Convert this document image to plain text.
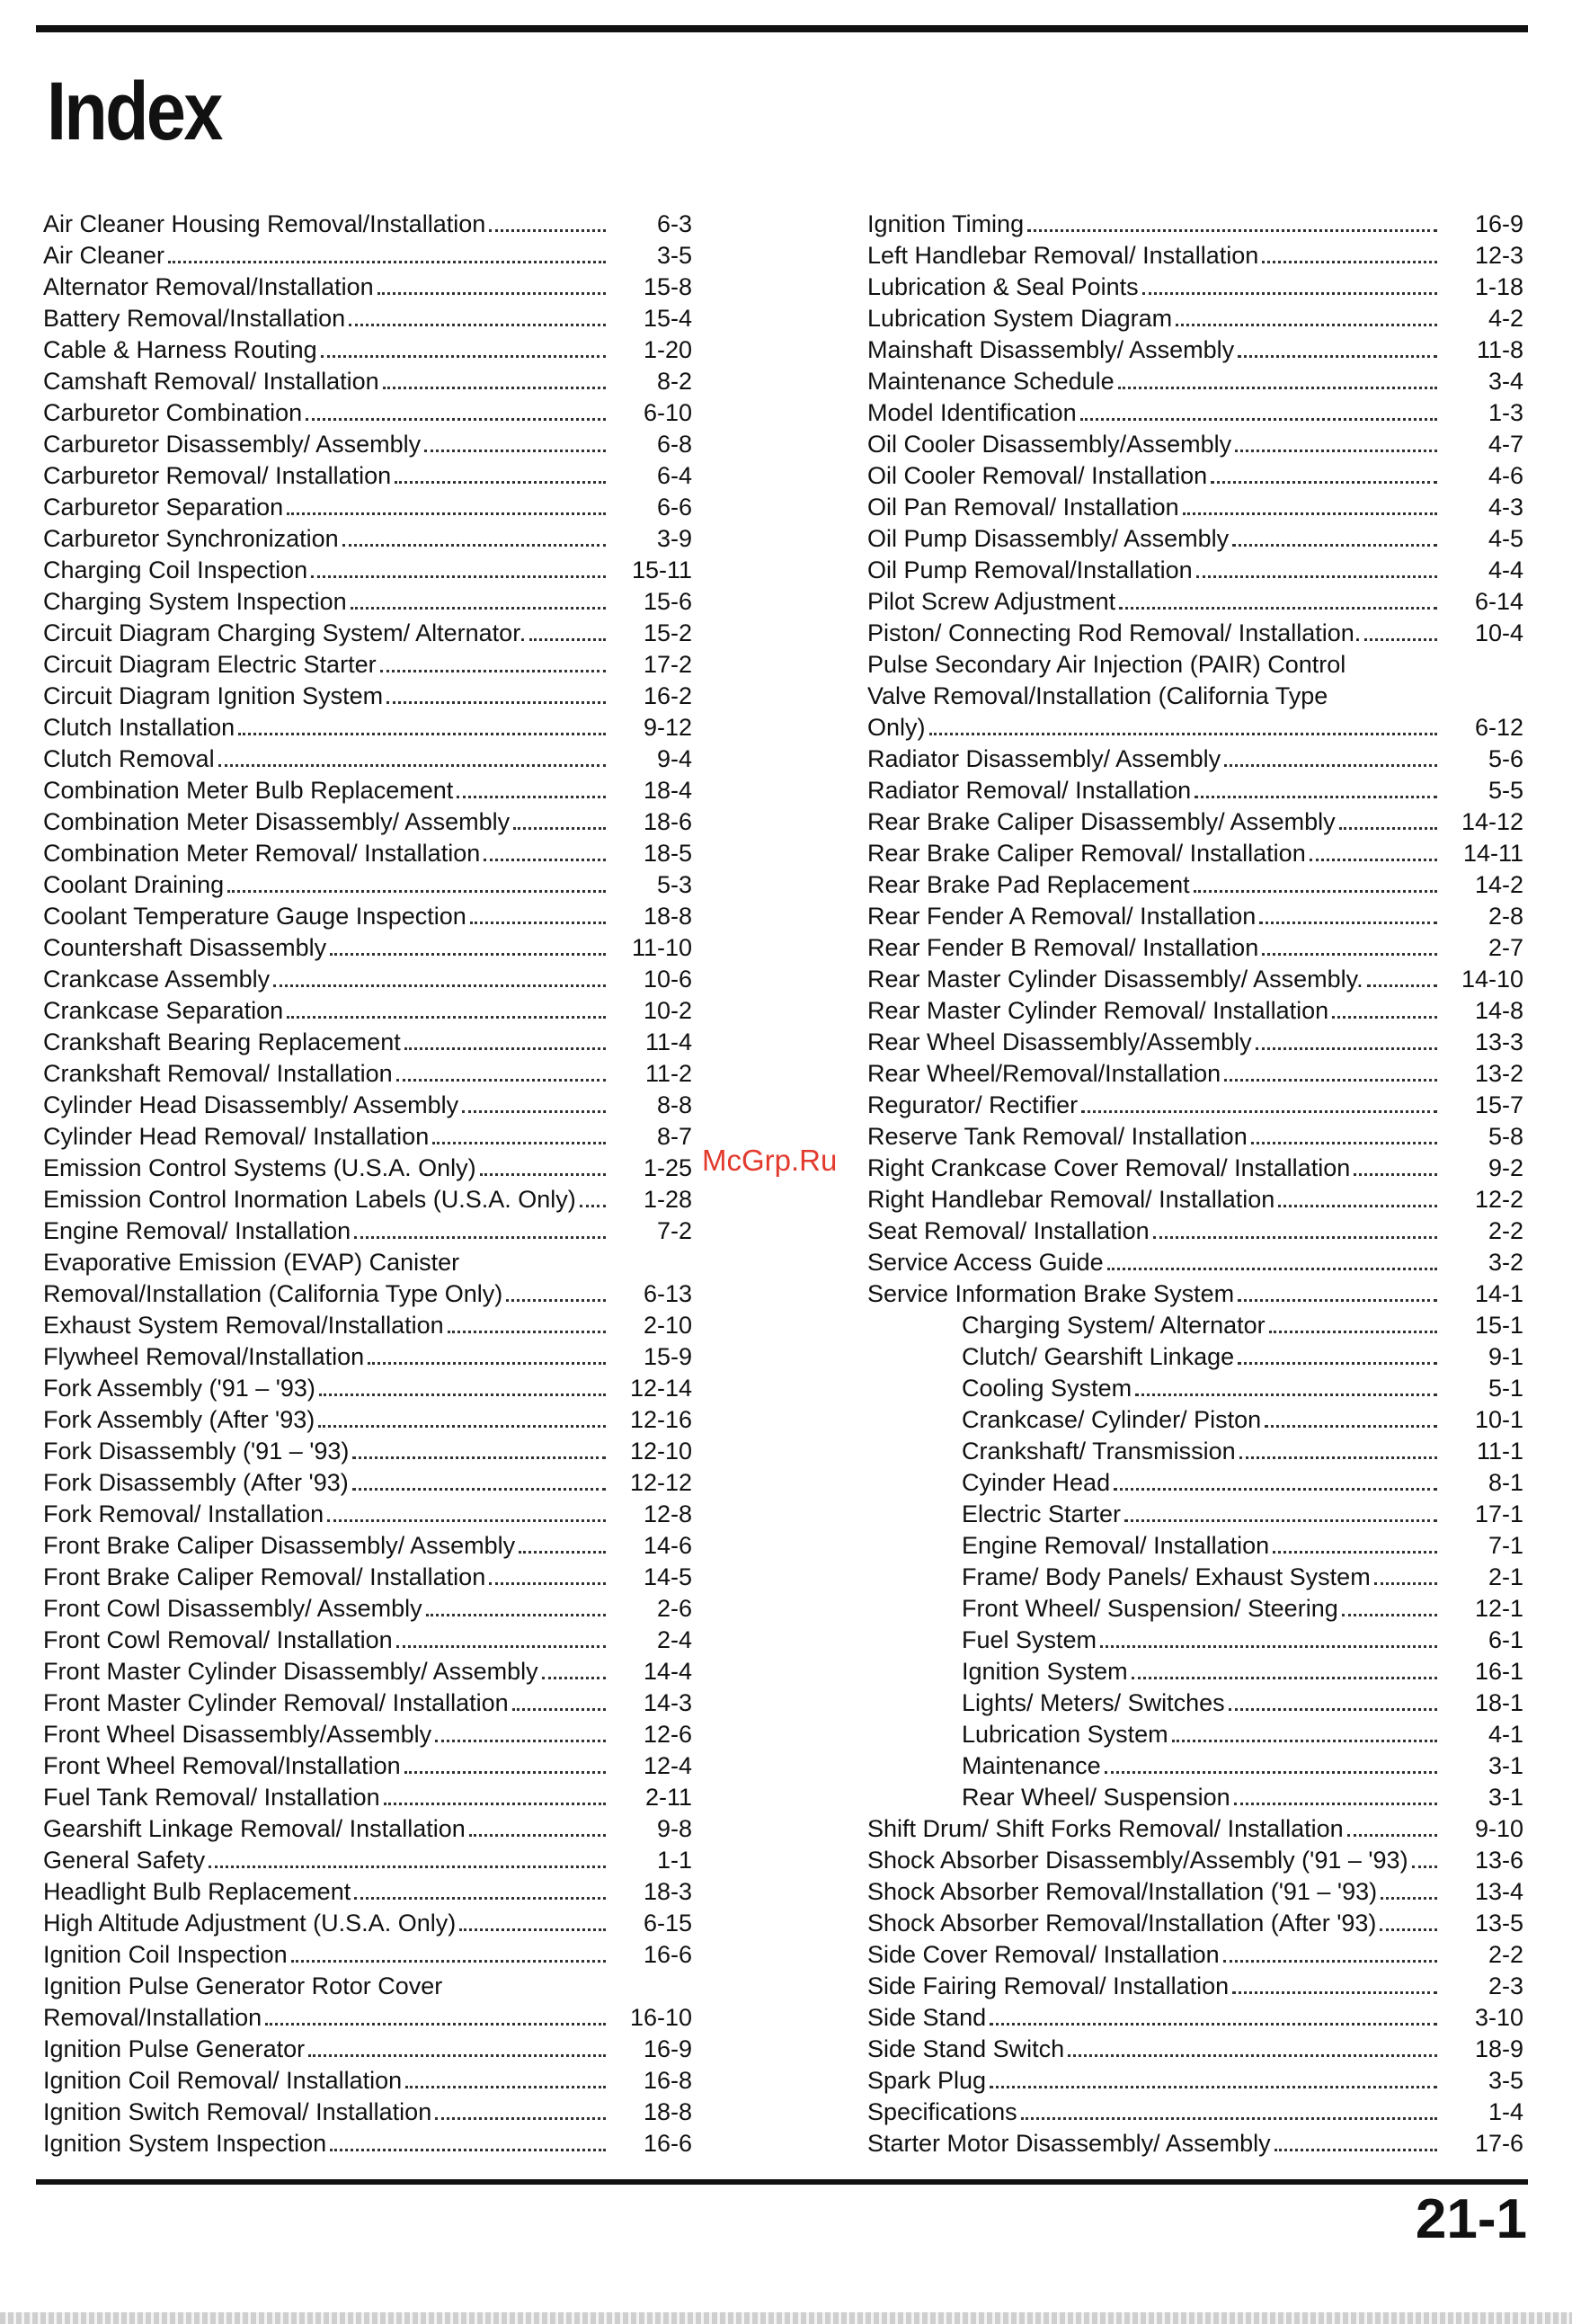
Index
Air Cleaner Housing Removal/Installation	6-3
Air Cleaner	3-5
Alternator Removal/Installation	15-8
Battery Removal/Installation	15-4
Cable & Harness Routing	1-20
Camshaft Removal/ Installation	8-2
Carburetor Combination	6-10
Carburetor Disassembly/ Assembly	6-8
Carburetor Removal/ Installation	6-4
Carburetor Separation	6-6
Carburetor Synchronization	3-9
Charging Coil Inspection	15-11
Charging System Inspection	15-6
Circuit Diagram Charging System/ Alternator.	15-2
Circuit Diagram Electric Starter	17-2
Circuit Diagram Ignition System	16-2
Clutch Installation	9-12
Clutch Removal	9-4
Combination Meter Bulb Replacement	18-4
Combination Meter Disassembly/ Assembly	18-6
Combination Meter Removal/ Installation	18-5
Coolant Draining	5-3
Coolant Temperature Gauge Inspection	18-8
Countershaft Disassembly	11-10
Crankcase Assembly	10-6
Crankcase Separation	10-2
Crankshaft Bearing Replacement	11-4
Crankshaft Removal/ Installation	11-2
Cylinder Head Disassembly/ Assembly	8-8
Cylinder Head Removal/ Installation	8-7
Emission Control Systems (U.S.A. Only)	1-25
Emission Control Inormation Labels (U.S.A. Only)	1-28
Engine Removal/ Installation	7-2
Evaporative Emission (EVAP) Canister
Removal/Installation (California Type Only)	6-13
Exhaust System Removal/Installation	2-10
Flywheel Removal/Installation	15-9
Fork Assembly ('91 – '93)	12-14
Fork Assembly (After '93)	12-16
Fork Disassembly ('91 – '93)	12-10
Fork Disassembly (After '93)	12-12
Fork Removal/ Installation	12-8
Front Brake Caliper Disassembly/ Assembly	14-6
Front Brake Caliper Removal/ Installation	14-5
Front Cowl Disassembly/ Assembly	2-6
Front Cowl Removal/ Installation	2-4
Front Master Cylinder Disassembly/ Assembly	14-4
Front Master Cylinder Removal/ Installation	14-3
Front Wheel Disassembly/Assembly	12-6
Front Wheel Removal/Installation	12-4
Fuel Tank Removal/ Installation	2-11
Gearshift Linkage Removal/ Installation	9-8
General Safety	1-1
Headlight Bulb Replacement	18-3
High Altitude Adjustment (U.S.A. Only)	6-15
Ignition Coil Inspection	16-6
Ignition Pulse Generator Rotor Cover
Removal/Installation	16-10
Ignition Pulse Generator	16-9
Ignition Coil Removal/ Installation	16-8
Ignition Switch Removal/ Installation	18-8
Ignition System Inspection	16-6
Ignition Timing	16-9
Left Handlebar Removal/ Installation	12-3
Lubrication & Seal Points	1-18
Lubrication System Diagram	4-2
Mainshaft Disassembly/ Assembly	11-8
Maintenance Schedule	3-4
Model Identification	1-3
Oil Cooler Disassembly/Assembly	4-7
Oil Cooler Removal/ Installation	4-6
Oil Pan Removal/ Installation	4-3
Oil Pump Disassembly/ Assembly	4-5
Oil Pump Removal/Installation	4-4
Pilot Screw Adjustment	6-14
Piston/ Connecting Rod Removal/ Installation.	10-4
Pulse Secondary Air Injection (PAIR) Control
Valve Removal/Installation (California Type
Only)	6-12
Radiator Disassembly/ Assembly	5-6
Radiator Removal/ Installation	5-5
Rear Brake Caliper Disassembly/ Assembly	14-12
Rear Brake Caliper Removal/ Installation	14-11
Rear Brake Pad Replacement	14-2
Rear Fender A Removal/ Installation	2-8
Rear Fender B Removal/ Installation	2-7
Rear Master Cylinder Disassembly/ Assembly.	14-10
Rear Master Cylinder Removal/ Installation	14-8
Rear Wheel Disassembly/Assembly	13-3
Rear Wheel/Removal/Installation	13-2
Regurator/ Rectifier	15-7
Reserve Tank Removal/ Installation	5-8
Right Crankcase Cover Removal/ Installation	9-2
Right Handlebar Removal/ Installation	12-2
Seat Removal/ Installation	2-2
Service Access Guide	3-2
Service Information Brake System	14-1
Charging System/ Alternator	15-1
Clutch/ Gearshift Linkage	9-1
Cooling System	5-1
Crankcase/ Cylinder/ Piston	10-1
Crankshaft/ Transmission	11-1
Cyinder Head	8-1
Electric Starter	17-1
Engine Removal/ Installation	7-1
Frame/ Body Panels/ Exhaust System	2-1
Front Wheel/ Suspension/ Steering	12-1
Fuel System	6-1
Ignition System	16-1
Lights/ Meters/ Switches	18-1
Lubrication System	4-1
Maintenance	3-1
Rear Wheel/ Suspension	3-1
Shift Drum/ Shift Forks Removal/ Installation	9-10
Shock Absorber Disassembly/Assembly ('91 – '93)	13-6
Shock Absorber Removal/Installation ('91 – '93)	13-4
Shock Absorber Removal/Installation (After '93)	13-5
Side Cover Removal/ Installation	2-2
Side Fairing Removal/ Installation	2-3
Side Stand	3-10
Side Stand Switch	18-9
Spark Plug	3-5
Specifications	1-4
Starter Motor Disassembly/ Assembly	17-6
McGrp.Ru
21-1
